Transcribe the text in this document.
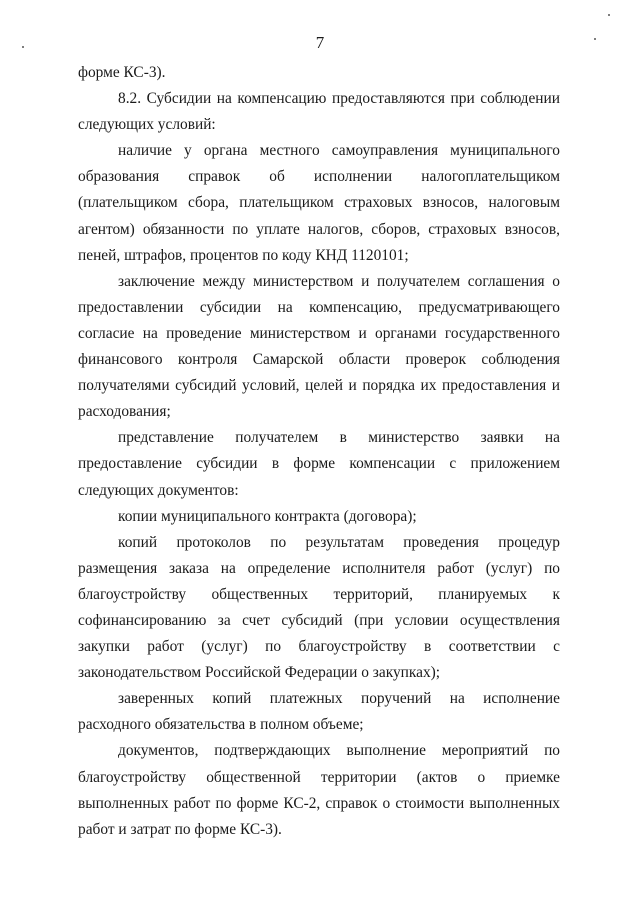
7

форме КС-3).

8.2. Субсидии на компенсацию предоставляются при соблюдении следующих условий:

наличие у органа местного самоуправления муниципального образования справок об исполнении налогоплательщиком (плательщиком сбора, плательщиком страховых взносов, налоговым агентом) обязанности по уплате налогов, сборов, страховых взносов, пеней, штрафов, процентов по коду КНД 1120101;

заключение между министерством и получателем соглашения о предоставлении субсидии на компенсацию, предусматривающего согласие на проведение министерством и органами государственного финансового контроля Самарской области проверок соблюдения получателями субсидий условий, целей и порядка их предоставления и расходования;

представление получателем в министерство заявки на предоставление субсидии в форме компенсации с приложением следующих документов:

копии муниципального контракта (договора);

копий протоколов по результатам проведения процедур размещения заказа на определение исполнителя работ (услуг) по благоустройству общественных территорий, планируемых к софинансированию за счет субсидий (при условии осуществления закупки работ (услуг) по благоустройству в соответствии с законодательством Российской Федерации о закупках);

заверенных копий платежных поручений на исполнение расходного обязательства в полном объеме;

документов, подтверждающих выполнение мероприятий по благоустройству общественной территории (актов о приемке выполненных работ по форме КС-2, справок о стоимости выполненных работ и затрат по форме КС-3).
